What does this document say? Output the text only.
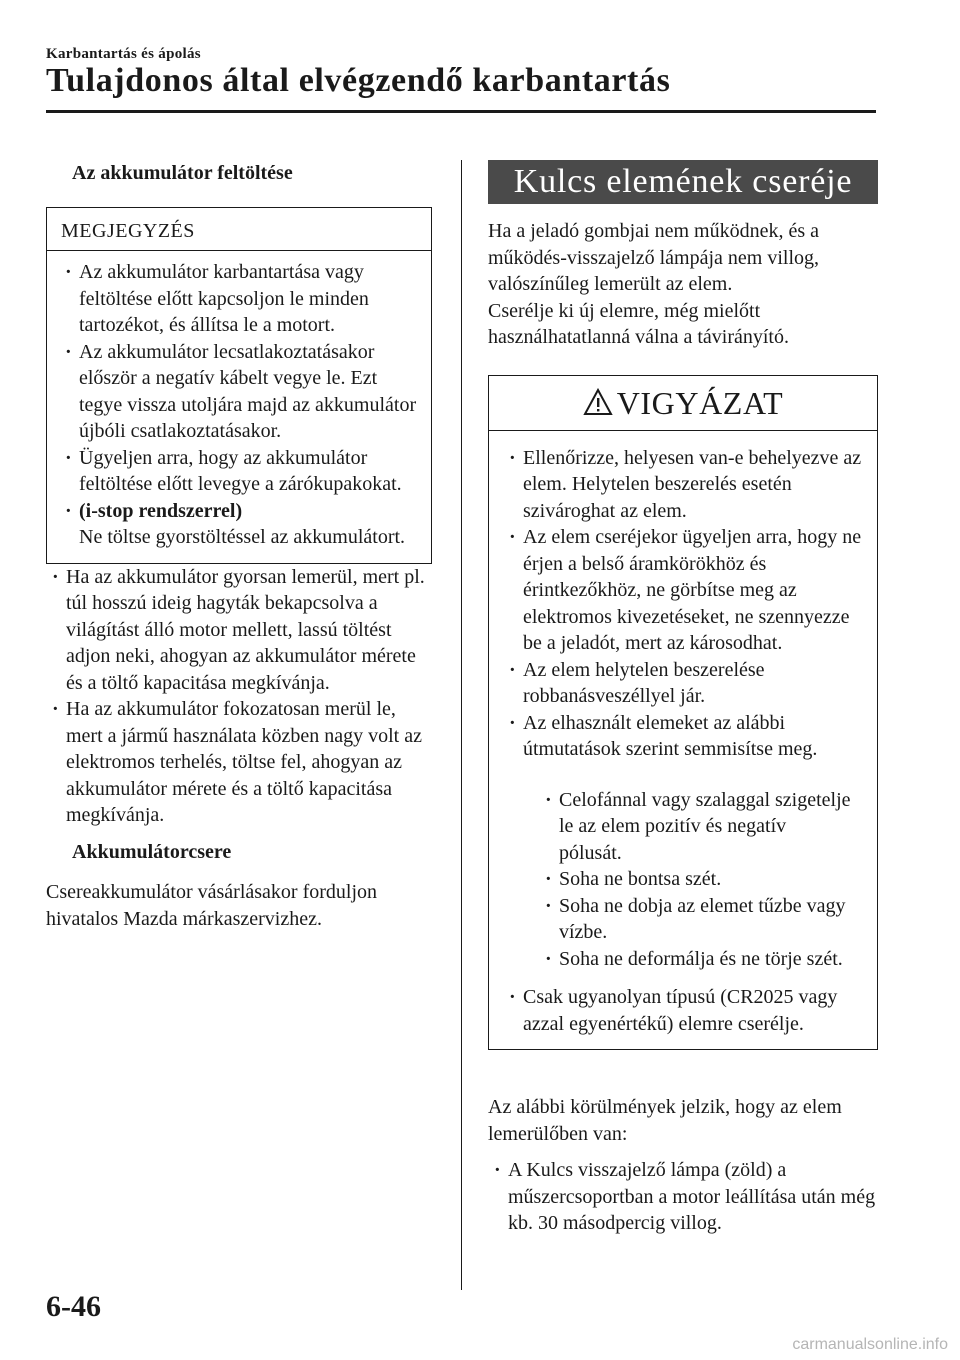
Karbantartás és ápolás
Tulajdonos által elvégzendő karbantartás

Az akkumulátor feltöltése

MEGJEGYZÉS
· Az akkumulátor karbantartása vagy feltöltése előtt kapcsoljon le minden tartozékot, és állítsa le a motort.
· Az akkumulátor lecsatlakoztatásakor először a negatív kábelt vegye le. Ezt tegye vissza utoljára majd az akkumulátor újbóli csatlakoztatásakor.
· Ügyeljen arra, hogy az akkumulátor feltöltése előtt levegye a zárókupakokat.
· (i-stop rendszerrel)
Ne töltse gyorstöltéssel az akkumulátort.
· Ha az akkumulátor gyorsan lemerül, mert pl. túl hosszú ideig hagyták bekapcsolva a világítást álló motor mellett, lassú töltést adjon neki, ahogyan az akkumulátor mérete és a töltő kapacitása megkívánja.
· Ha az akkumulátor fokozatosan merül le, mert a jármű használata közben nagy volt az elektromos terhelés, töltse fel, ahogyan az akkumulátor mérete és a töltő kapacitása megkívánja.

Akkumulátorcsere

Csereakkumulátor vásárlásakor forduljon hivatalos Mazda márkaszervizhez.

Kulcs elemének cseréje

Ha a jeladó gombjai nem működnek, és a működés-visszajelző lámpája nem villog, valószínűleg lemerült az elem.

Cserélje ki új elemre, még mielőtt használhatatlanná válna a távirányító.

VIGYÁZAT
· Ellenőrizze, helyesen van-e behelyezve az elem. Helytelen beszerelés esetén szivároghat az elem.
· Az elem cseréjekor ügyeljen arra, hogy ne érjen a belső áramkörökhöz és érintkezőkhöz, ne görbítse meg az elektromos kivezetéseket, ne szennyezze be a jeladót, mert az károsodhat.
· Az elem helytelen beszerelése robbanásveszéllyel jár.
· Az elhasznált elemeket az alábbi útmutatások szerint semmisítse meg.
· Celofánnal vagy szalaggal szigetelje le az elem pozitív és negatív pólusát.
· Soha ne bontsa szét.
· Soha ne dobja az elemet tűzbe vagy vízbe.
· Soha ne deformálja és ne törje szét.
· Csak ugyanolyan típusú (CR2025 vagy azzal egyenértékű) elemre cserélje.

Az alábbi körülmények jelzik, hogy az elem lemerülőben van:

· A Kulcs visszajelző lámpa (zöld) a műszercsoportban a motor leállítása után még kb. 30 másodpercig villog.
6-46
carmanualsonline.info
